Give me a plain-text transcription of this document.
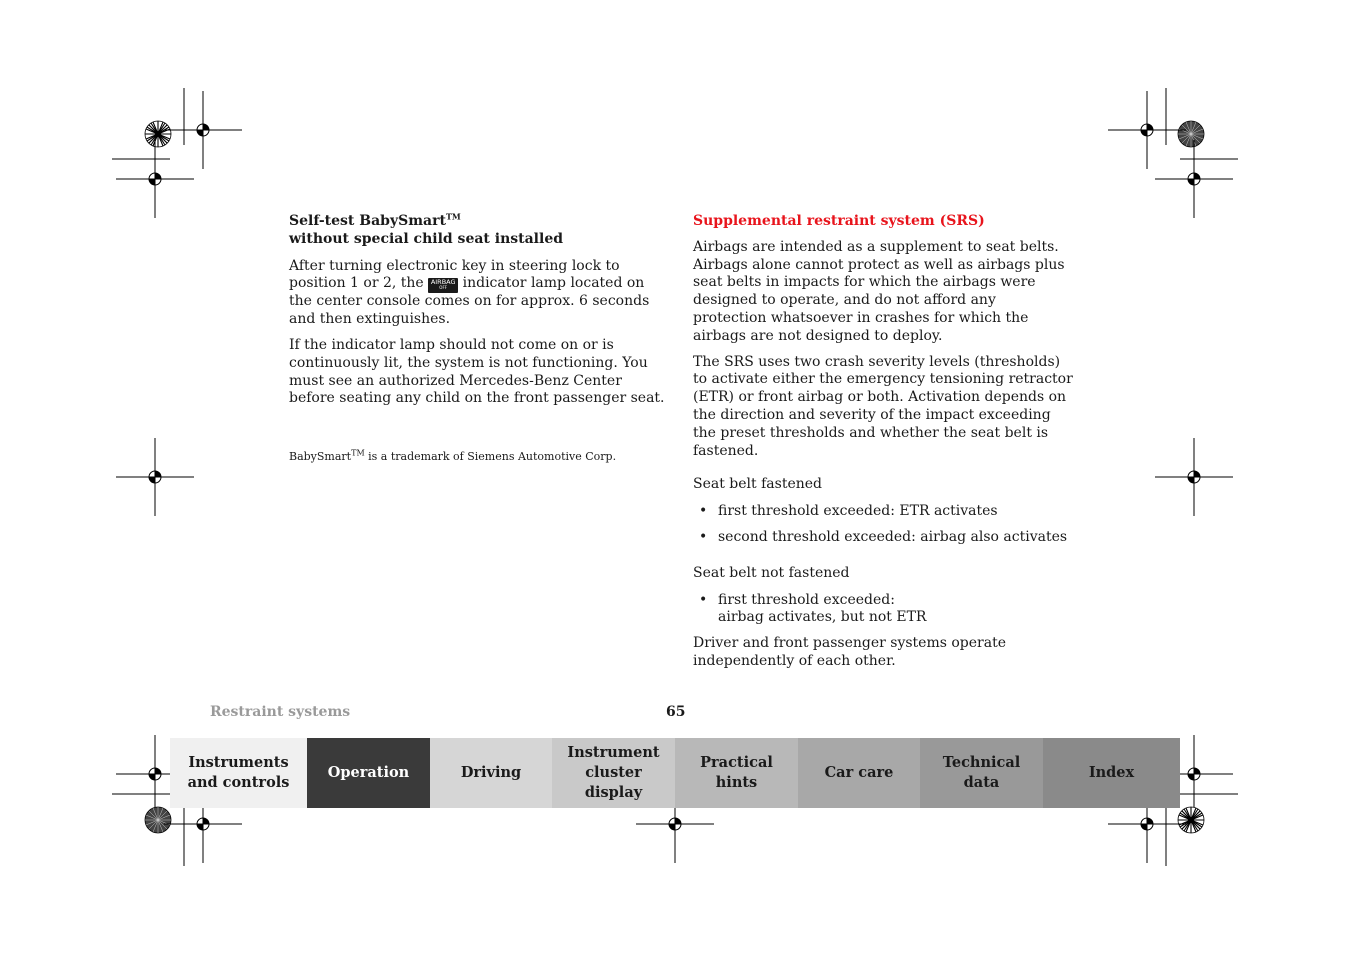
Self-test BabySmart™
without special child seat installed

After turning electronic key in steering lock to position 1 or 2, the AIRBAG
OFF	indicator lamp located on the center console comes on for approx. 6 seconds and then extinguishes.

If the indicator lamp should not come on or is continuously lit, the system is not functioning. You must see an authorized Mercedes-Benz Center before seating any child on the front passenger seat.

BabySmart™ is a trademark of Siemens Automotive Corp.
Supplemental restraint system (SRS)

Airbags are intended as a supplement to seat belts. Airbags alone cannot protect as well as airbags plus seat belts in impacts for which the airbags were designed to operate, and do not afford any protection whatsoever in crashes for which the airbags are not designed to deploy.

The SRS uses two crash severity levels (thresholds) to activate either the emergency tensioning retractor (ETR) or front airbag or both. Activation depends on the direction and severity of the impact exceeding the preset thresholds and whether the seat belt is fastened.

Seat belt fastened
• first threshold exceeded: ETR activates
• second threshold exceeded: airbag also activates
Seat belt not fastened
• first threshold exceeded:
airbag activates, but not ETR

Driver and front passenger systems operate independently of each other.

Restraint systems	65
Instruments
and controls
Operation	Driving
Instrument
cluster display
Practical hints
Car care
Technical
data
Index
